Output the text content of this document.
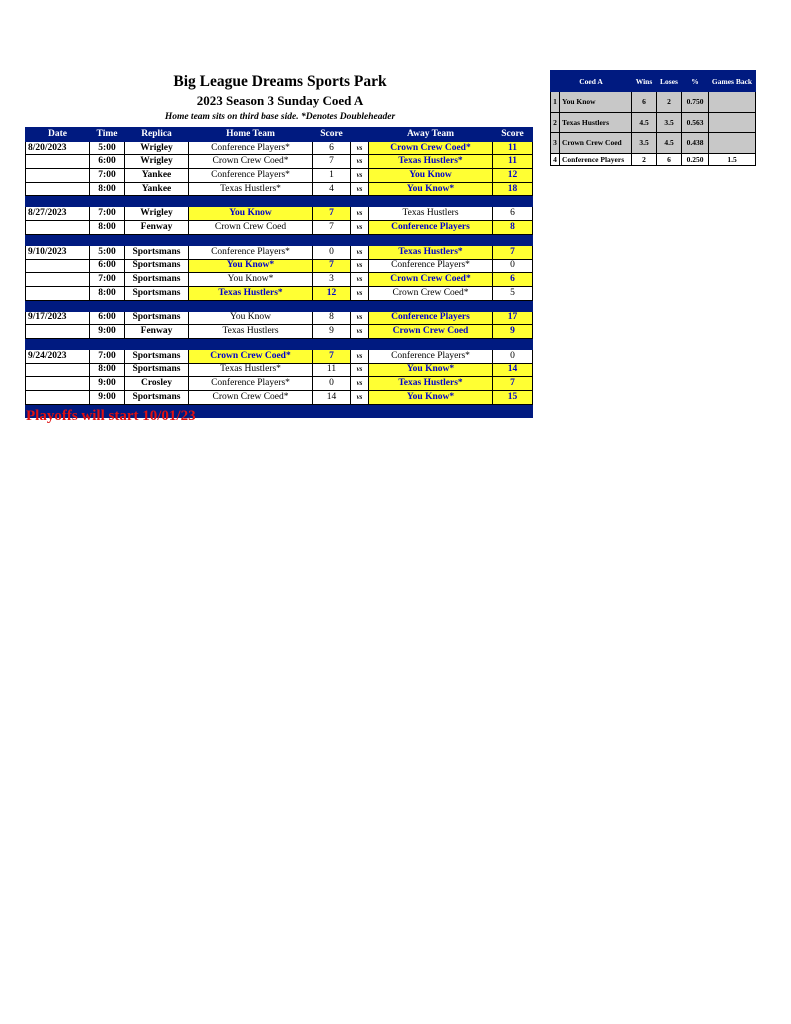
Big League Dreams Sports Park
2023 Season 3 Sunday Coed A
Home team sits on third base side. *Denotes Doubleheader
Date	Time	Replica	Home Team	Score		Away Team	Score
8/20/2023	5:00	Wrigley	Conference Players*	6	vs	Crown Crew Coed*	11
	6:00	Wrigley	Crown Crew Coed*	7	vs	Texas Hustlers*	11
	7:00	Yankee	Conference Players*	1	vs	You Know	12
	8:00	Yankee	Texas Hustlers*	4	vs	You Know*	18

8/27/2023	7:00	Wrigley	You Know	7	vs	Texas Hustlers	6
	8:00	Fenway	Crown Crew Coed	7	vs	Conference Players	8

9/10/2023	5:00	Sportsmans	Conference Players*	0	vs	Texas Hustlers*	7
	6:00	Sportsmans	You Know*	7	vs	Conference Players*	0
	7:00	Sportsmans	You Know*	3	vs	Crown Crew Coed*	6
	8:00	Sportsmans	Texas Hustlers*	12	vs	Crown Crew Coed*	5

9/17/2023	6:00	Sportsmans	You Know	8	vs	Conference Players	17
	9:00	Fenway	Texas Hustlers	9	vs	Crown Crew Coed	9

9/24/2023	7:00	Sportsmans	Crown Crew Coed*	7	vs	Conference Players*	0
	8:00	Sportsmans	Texas Hustlers*	11	vs	You Know*	14
	9:00	Crosley	Conference Players*	0	vs	Texas Hustlers*	7
	9:00	Sportsmans	Crown Crew Coed*	14	vs	You Know*	15

Playoffs will start 10/01/23
Coed A		Wins	Loses	%	Games Back
1	You Know	6	2	0.750	
2	Texas Hustlers	4.5	3.5	0.563	
3	Crown Crew Coed	3.5	4.5	0.438	
4	Conference Players	2	6	0.250	1.5
